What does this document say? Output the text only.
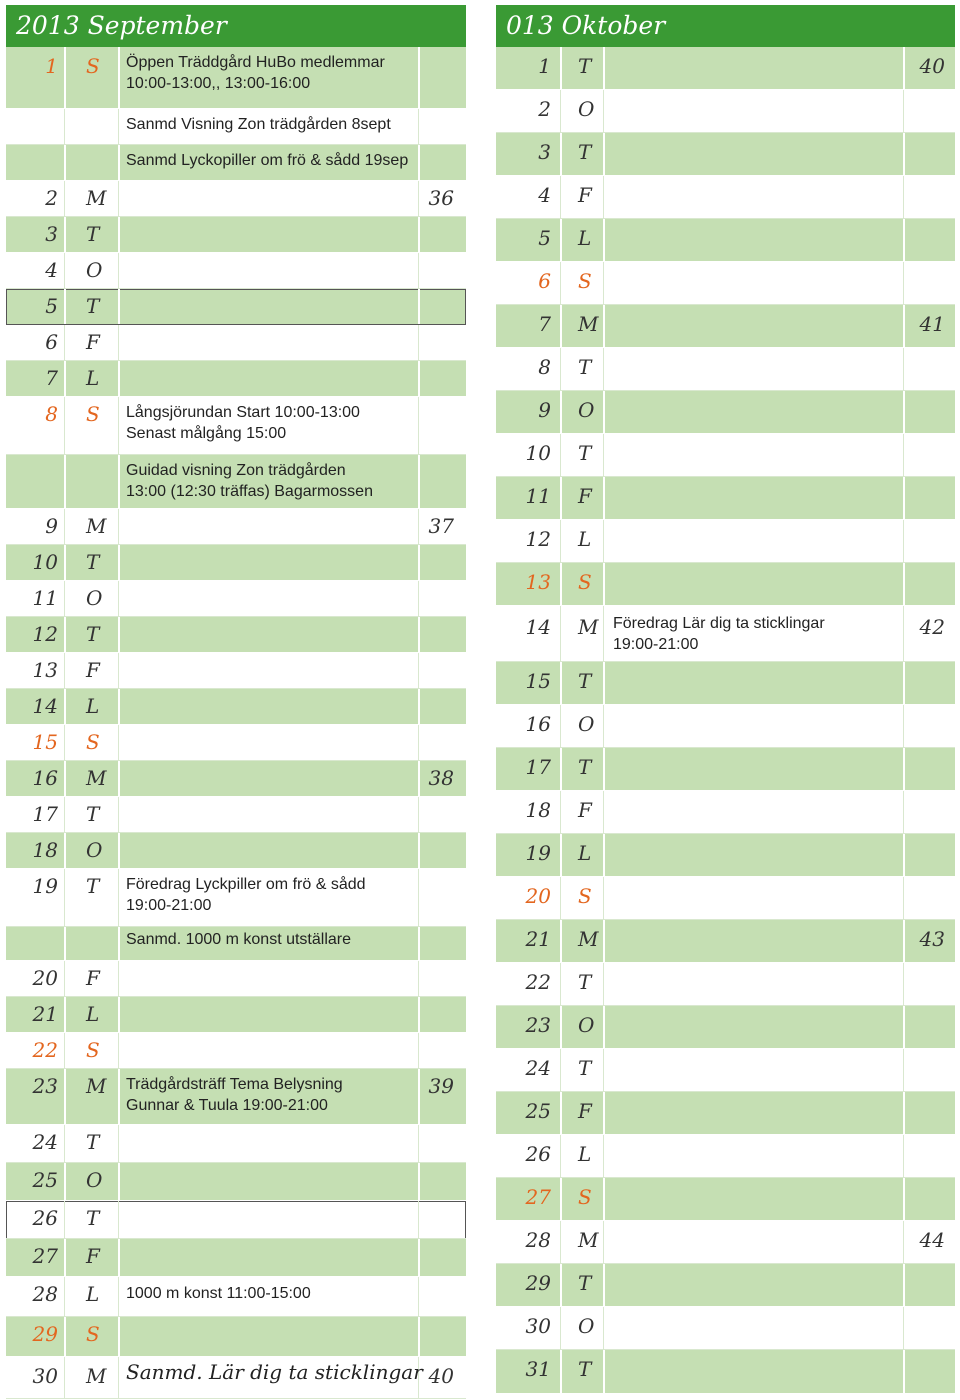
2013 September
1 S Öppen Träddgård HuBo medlemmar
10:00-13:00,, 13:00-16:00
Sanmd Visning Zon trädgården 8sept
Sanmd Lyckopiller om frö & sådd 19sep
2 M	36
3 T
4 O
5 T
6 F
7 L
8 S Långsjörundan Start 10:00-13:00
Senast målgång 15:00
Guidad visning Zon trädgården
13:00 (12:30 träffas) Bagarmossen
9 M	37
10 T
11 O
12 T
13 F
14 L
15 S
16 M	38
17 T
18 O
19 T Föredrag Lyckpiller om frö & sådd
19:00-21:00
Sanmd. 1000 m konst utställare
20 F
21 L
22 S
23 M	39
Trädgårdsträff Tema Belysning
Gunnar & Tuula 19:00-21:00
24 T
25 O
26 T
27 F
28 L 1000 m konst 11:00-15:00
29 S
30 M	40
Sanmd. Lär dig ta sticklingar
013 Oktober
1 T	40
2 O
3 T
4 F
5 L
6 S
7 M	41
8 T
9 O
10 T
11 F
12 L
13 S
14 M	42
Föredrag Lär dig ta sticklingar
19:00-21:00
15 T
16 O
17 T
18 F
19 L
20 S
21 M	43
22 T
23 O
24 T
25 F
26 L
27 S
28 M	44
29 T
30 O
31 T
